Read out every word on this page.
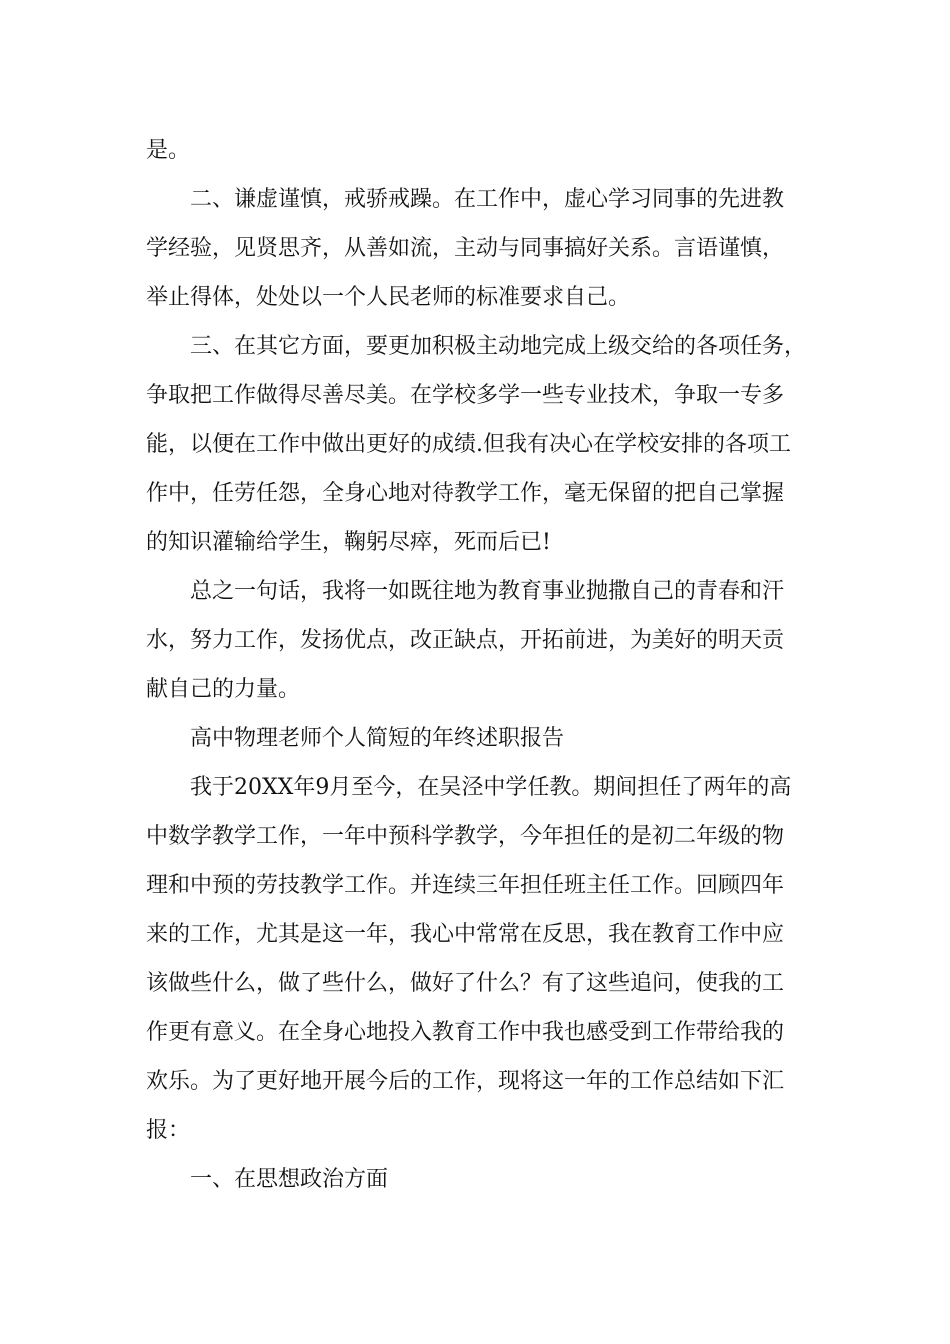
是。
二、谦虚谨慎，戒骄戒躁。在工作中，虚心学习同事的先进教
学经验，见贤思齐，从善如流，主动与同事搞好关系。言语谨慎，
举止得体，处处以一个人民老师的标准要求自己。
三、在其它方面，要更加积极主动地完成上级交给的各项任务，
争取把工作做得尽善尽美。在学校多学一些专业技术，争取一专多
能，以便在工作中做出更好的成绩.但我有决心在学校安排的各项工
作中，任劳任怨，全身心地对待教学工作，毫无保留的把自己掌握
的知识灌输给学生，鞠躬尽瘁，死而后已!
总之一句话，我将一如既往地为教育事业抛撒自己的青春和汗
水，努力工作，发扬优点，改正缺点，开拓前进，为美好的明天贡
献自己的力量。
高中物理老师个人简短的年终述职报告
我于20XX年9月至今，在吴泾中学任教。期间担任了两年的高
中数学教学工作，一年中预科学教学，今年担任的是初二年级的物
理和中预的劳技教学工作。并连续三年担任班主任工作。回顾四年
来的工作，尤其是这一年，我心中常常在反思，我在教育工作中应
该做些什么，做了些什么，做好了什么？有了这些追问，使我的工
作更有意义。在全身心地投入教育工作中我也感受到工作带给我的
欢乐。为了更好地开展今后的工作，现将这一年的工作总结如下汇
报：
一、在思想政治方面
